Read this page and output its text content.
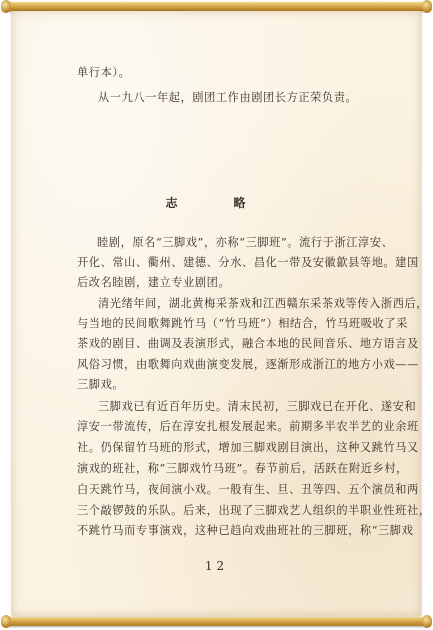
单行本）。
从一九八一年起，剧团工作由剧团长方正荣负责。
志　略
睦剧，原名“三脚戏”，亦称“三脚班”。流行于浙江淳安、
开化、常山、衢州、建德、分水、昌化一带及安徽歙县等地。建国
后改名睦剧，建立专业剧团。
清光绪年间，湖北黄梅采茶戏和江西赣东采茶戏等传入浙西后，
与当地的民间歌舞跳竹马（“竹马班”）相结合，竹马班吸收了采
茶戏的剧目、曲调及表演形式，融合本地的民间音乐、地方语言及
风俗习惯，由歌舞向戏曲演变发展，逐渐形成浙江的地方小戏——
三脚戏。
三脚戏已有近百年历史。清末民初，三脚戏已在开化、遂安和
淳安一带流传，后在淳安扎根发展起来。前期多半农半艺的业余班
社。仍保留竹马班的形式，增加三脚戏剧目演出，这种又跳竹马又
演戏的班社，称“三脚戏竹马班”。春节前后，活跃在附近乡村，
白天跳竹马，夜间演小戏。一般有生、旦、丑等四、五个演员和两
三个敲锣鼓的乐队。后来，出现了三脚戏艺人组织的半职业性班社，
不跳竹马而专事演戏，这种已趋向戏曲班社的三脚班，称“三脚戏
12
